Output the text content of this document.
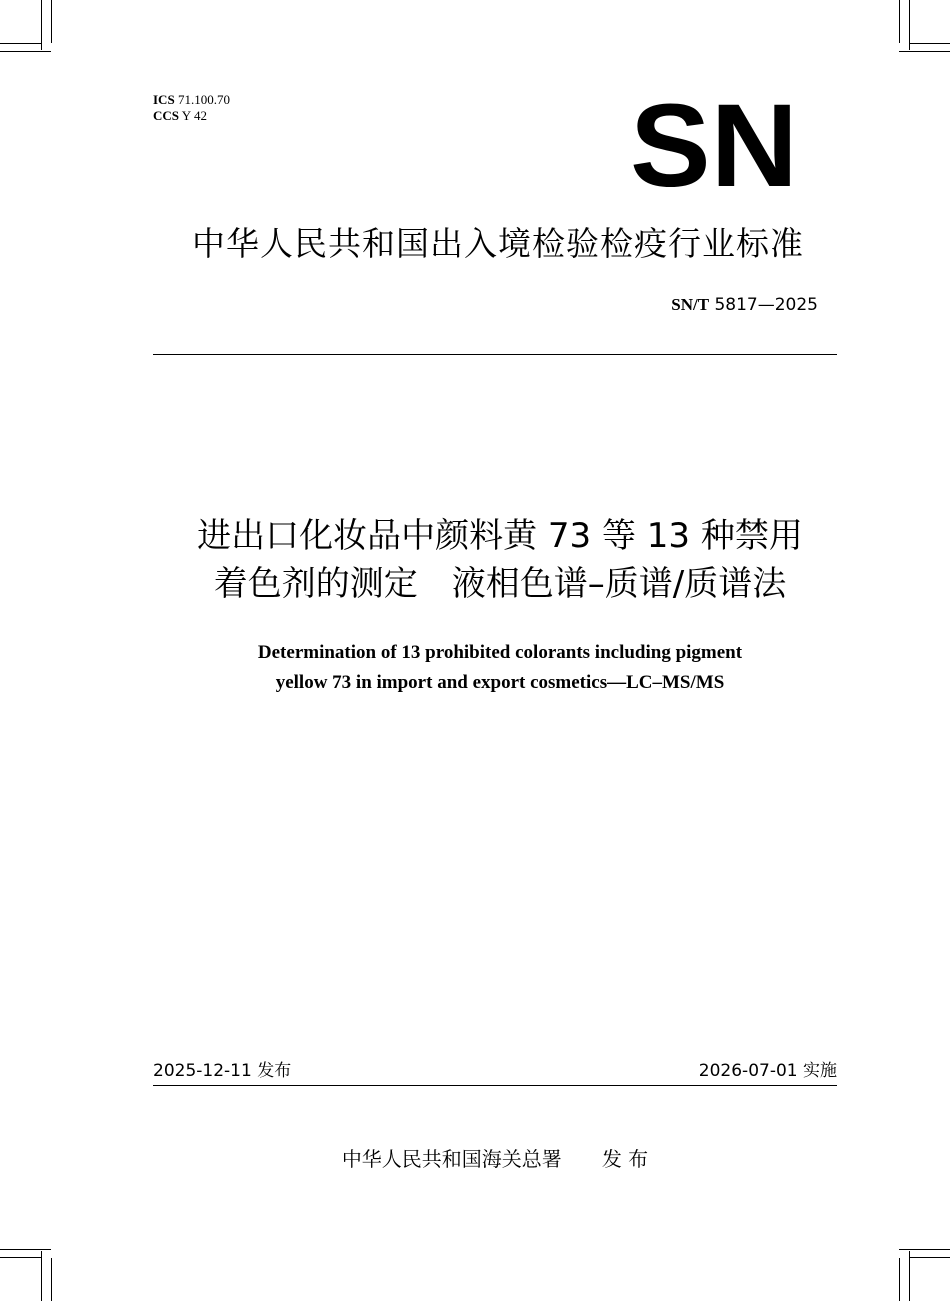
ICS 71.100.70
CCS Y 42	SN
中华人民共和国出入境检验检疫行业标准
SN/T 5817—2025
进出口化妆品中颜料黄 73 等 13 种禁用
着色剂的测定　液相色谱–质谱/质谱法
Determination of 13 prohibited colorants including pigment
yellow 73 in import and export cosmetics—LC–MS/MS
2025-12-11 发布	2026-07-01 实施
中华人民共和国海关总署 发 布
